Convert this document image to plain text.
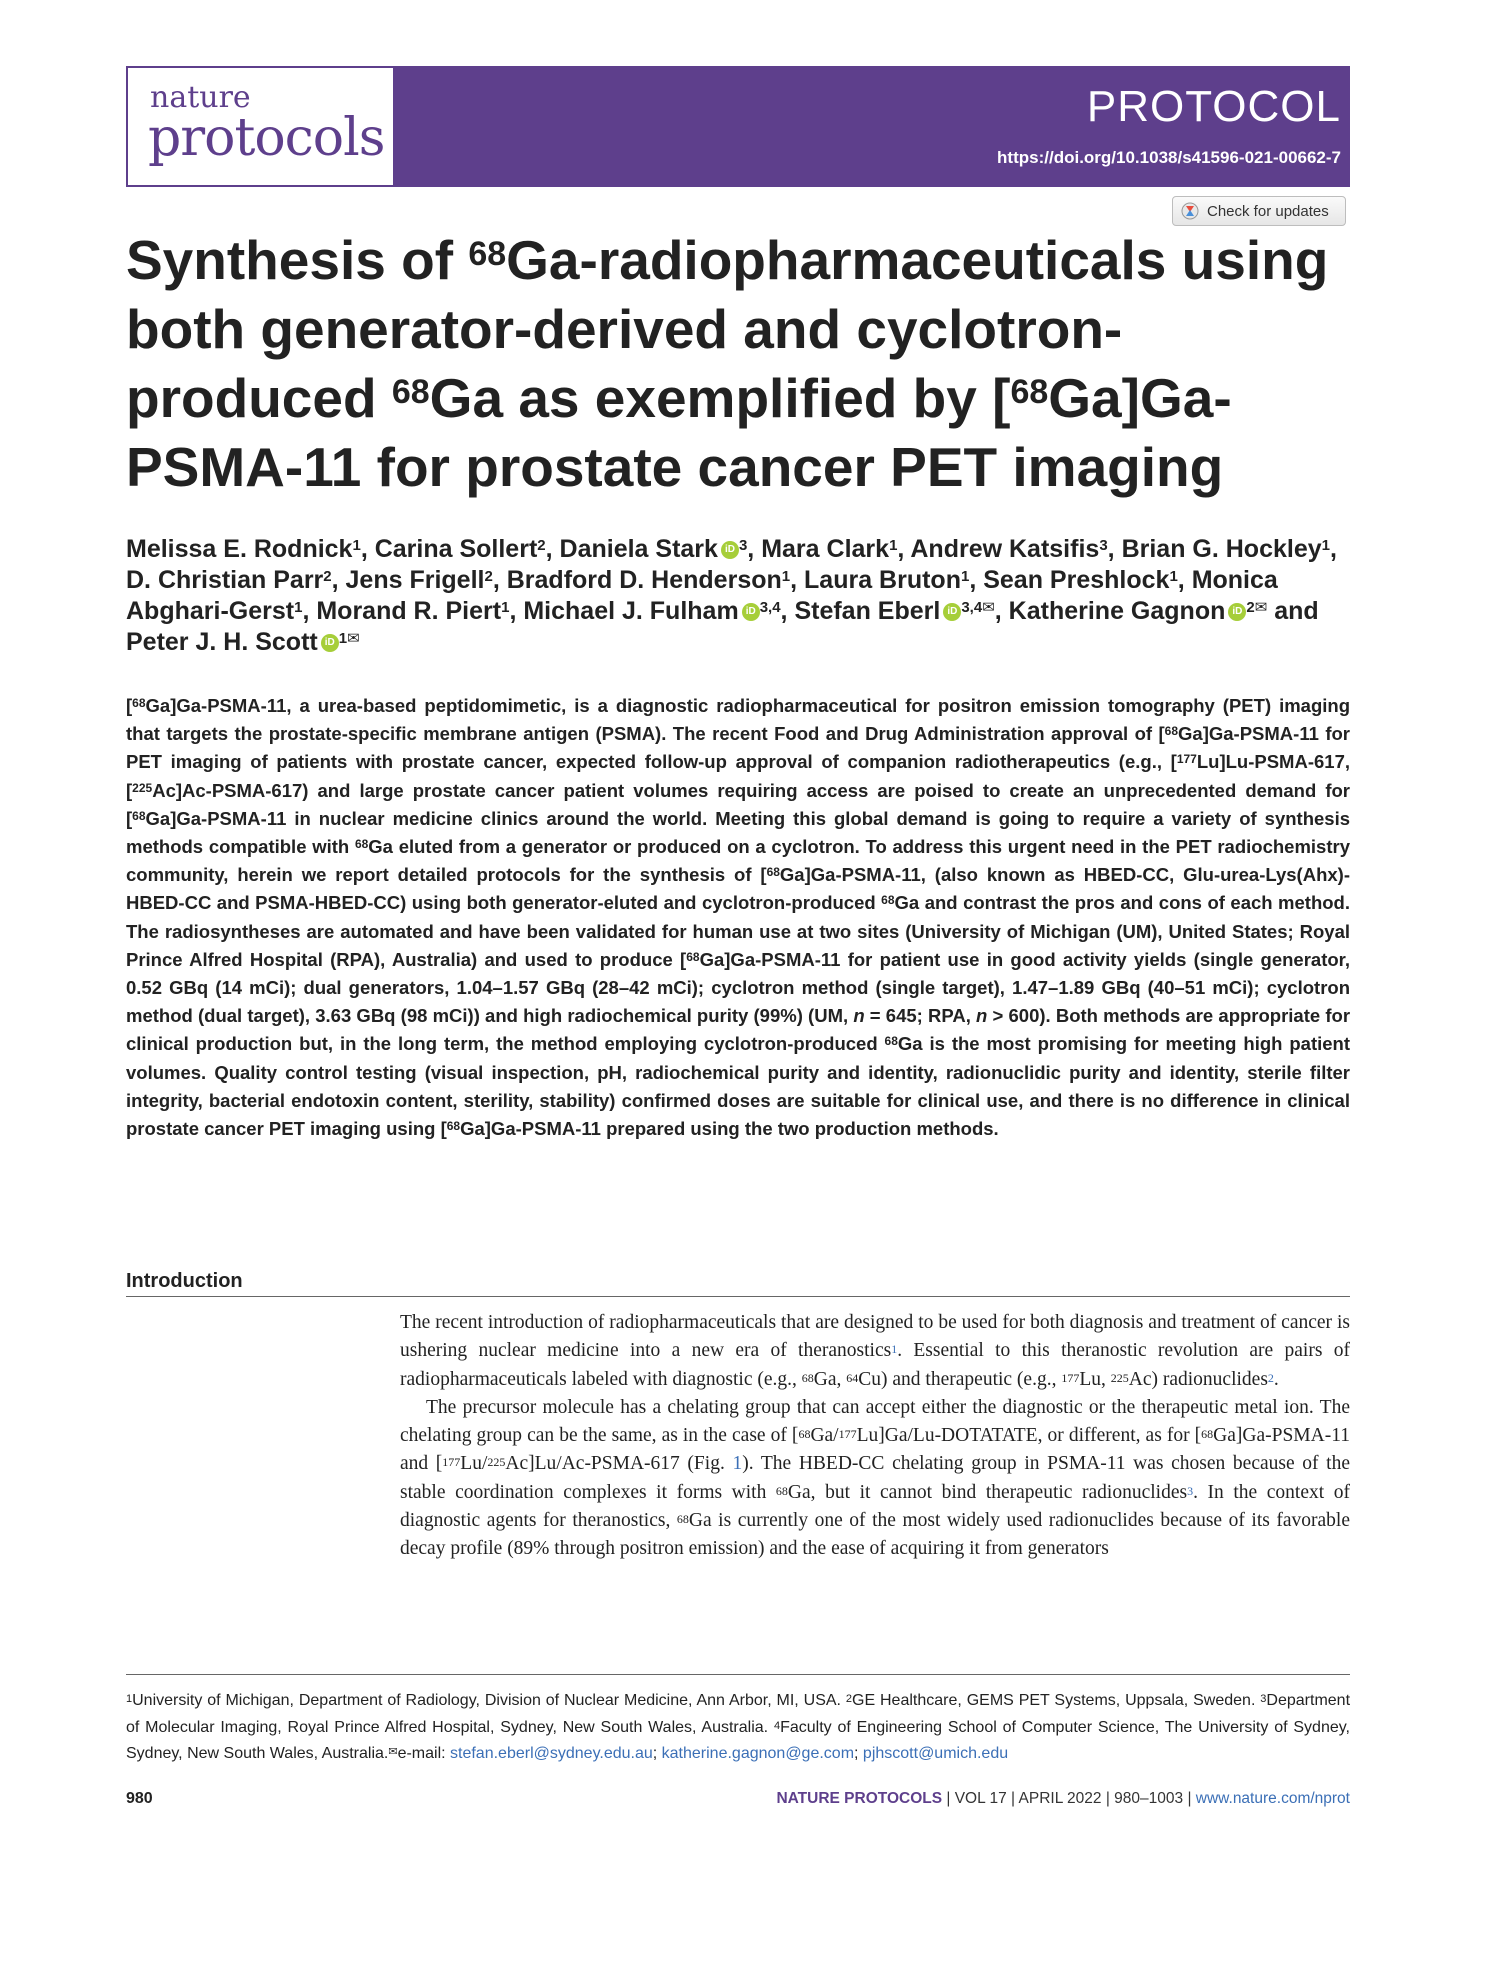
nature
protocols
PROTOCOL
https://doi.org/10.1038/s41596-021-00662-7
Check for updates
Synthesis of $^{68}$Ga-radiopharmaceuticals using both generator-derived and cyclotron-produced $^{68}$Ga as exemplified by [$^{68}$Ga]Ga-PSMA-11 for prostate cancer PET imaging
Melissa E. Rodnick$^1$, Carina Sollert$^2$, Daniela Stark iD $^3$, Mara Clark$^1$, Andrew Katsifis$^3$, Brian G. Hockley$^1$, D. Christian Parr$^2$, Jens Frigell$^2$, Bradford D. Henderson$^1$, Laura Bruton$^1$, Sean Preshlock$^1$, Monica Abghari-Gerst$^1$, Morand R. Piert$^1$, Michael J. Fulham iD $^{3,4}$, Stefan Eberl iD $^{3,4✉}$, Katherine Gagnon iD $^{2✉}$ and Peter J. H. Scott iD $^{1✉}$
[$^{68}$Ga]Ga-PSMA-11, a urea-based peptidomimetic, is a diagnostic radiopharmaceutical for positron emission tomography (PET) imaging that targets the prostate-specific membrane antigen (PSMA). The recent Food and Drug Administration approval of [$^{68}$Ga]Ga-PSMA-11 for PET imaging of patients with prostate cancer, expected follow-up approval of companion radiotherapeutics (e.g., [$^{177}$Lu]Lu-PSMA-617, [$^{225}$Ac]Ac-PSMA-617) and large prostate cancer patient volumes requiring access are poised to create an unprecedented demand for [$^{68}$Ga]Ga-PSMA-11 in nuclear medicine clinics around the world. Meeting this global demand is going to require a variety of synthesis methods compatible with $^{68}$Ga eluted from a generator or produced on a cyclotron. To address this urgent need in the PET radiochemistry community, herein we report detailed protocols for the synthesis of [$^{68}$Ga]Ga-PSMA-11, (also known as HBED-CC, Glu-urea-Lys(Ahx)-HBED-CC and PSMA-HBED-CC) using both generator-eluted and cyclotron-produced $^{68}$Ga and contrast the pros and cons of each method. The radiosyntheses are automated and have been validated for human use at two sites (University of Michigan (UM), United States; Royal Prince Alfred Hospital (RPA), Australia) and used to produce [$^{68}$Ga]Ga-PSMA-11 for patient use in good activity yields (single generator, 0.52 GBq (14 mCi); dual generators, 1.04–1.57 GBq (28–42 mCi); cyclotron method (single target), 1.47–1.89 GBq (40–51 mCi); cyclotron method (dual target), 3.63 GBq (98 mCi)) and high radiochemical purity (99%) (UM, n = 645; RPA, n > 600). Both methods are appropriate for clinical production but, in the long term, the method employing cyclotron-produced $^{68}$Ga is the most promising for meeting high patient volumes. Quality control testing (visual inspection, pH, radiochemical purity and identity, radionuclidic purity and identity, sterile filter integrity, bacterial endotoxin content, sterility, stability) confirmed doses are suitable for clinical use, and there is no difference in clinical prostate cancer PET imaging using [$^{68}$Ga]Ga-PSMA-11 prepared using the two production methods.
Introduction

The recent introduction of radiopharmaceuticals that are designed to be used for both diagnosis and treatment of cancer is ushering nuclear medicine into a new era of theranostics$^1$. Essential to this theranostic revolution are pairs of radiopharmaceuticals labeled with diagnostic (e.g., $^{68}$Ga, $^{64}$Cu) and therapeutic (e.g., $^{177}$Lu, $^{225}$Ac) radionuclides$^2$.

The precursor molecule has a chelating group that can accept either the diagnostic or the therapeutic metal ion. The chelating group can be the same, as in the case of [$^{68}$Ga/$^{177}$Lu]Ga/Lu-DOTATATE, or different, as for [$^{68}$Ga]Ga-PSMA-11 and [$^{177}$Lu/$^{225}$Ac]Lu/Ac-PSMA-617 (Fig. 1). The HBED-CC chelating group in PSMA-11 was chosen because of the stable coordination complexes it forms with $^{68}$Ga, but it cannot bind therapeutic radionuclides$^3$. In the context of diagnostic agents for theranostics, $^{68}$Ga is currently one of the most widely used radionuclides because of its favorable decay profile (89% through positron emission) and the ease of acquiring it from generators

$^1$University of Michigan, Department of Radiology, Division of Nuclear Medicine, Ann Arbor, MI, USA. $^2$GE Healthcare, GEMS PET Systems, Uppsala, Sweden. $^3$Department of Molecular Imaging, Royal Prince Alfred Hospital, Sydney, New South Wales, Australia. $^4$Faculty of Engineering School of Computer Science, The University of Sydney, Sydney, New South Wales, Australia.✉e-mail: stefan.eberl@sydney.edu.au; katherine.gagnon@ge.com; pjhscott@umich.edu
980	NATURE PROTOCOLS | VOL 17 | APRIL 2022 | 980–1003 | www.nature.com/nprot
